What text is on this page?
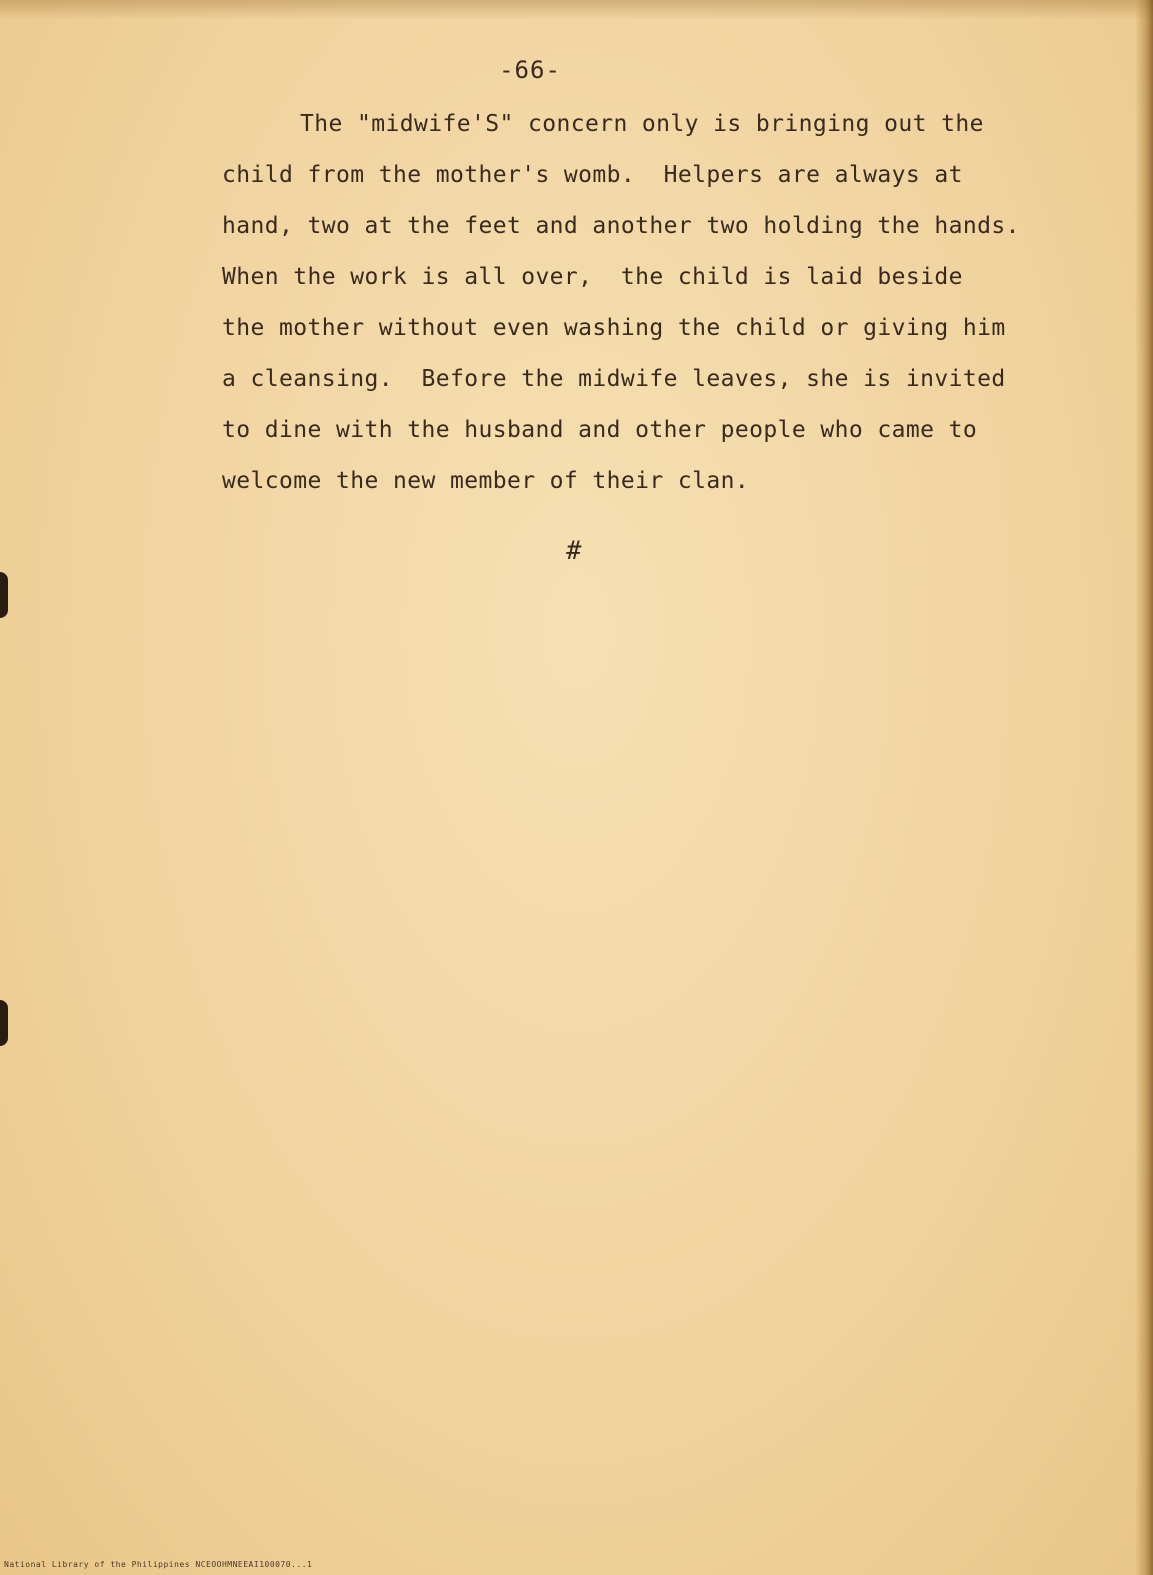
-66-
The "midwife'S" concern only is bringing out the
child from the mother's womb.  Helpers are always at
hand, two at the feet and another two holding the hands.
When the work is all over,  the child is laid beside
the mother without even washing the child or giving him
a cleansing.  Before the midwife leaves, she is invited
to dine with the husband and other people who came to
welcome the new member of their clan.
#
National Library of the Philippines NCEOOHMNEEAI100070...1
